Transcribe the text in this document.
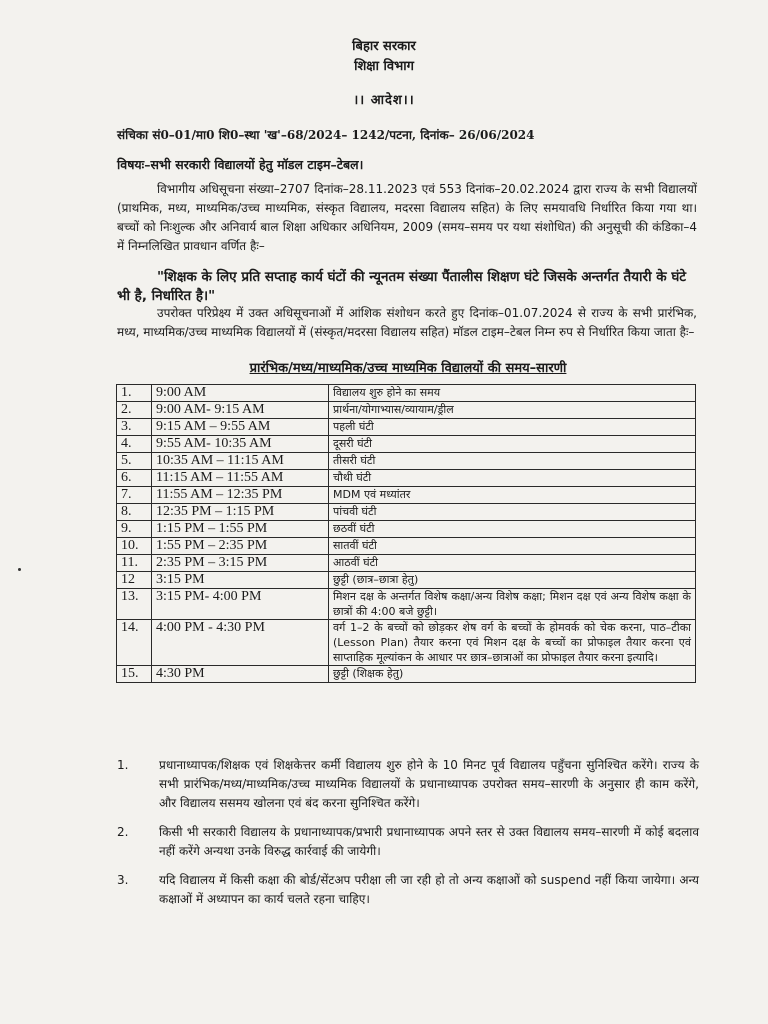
बिहार सरकार
शिक्षा विभाग
।। आदेश।।
संचिका सं0–01/मा0 शि0–स्था 'ख'–68/2024– 1242/पटना, दिनांक– 26/06/2024
विषयः–सभी सरकारी विद्यालयों हेतु मॉडल टाइम–टेबल।
विभागीय अधिसूचना संख्या–2707 दिनांक–28.11.2023 एवं 553 दिनांक–20.02.2024 द्वारा राज्य के सभी विद्यालयों (प्राथमिक, मध्य, माध्यमिक/उच्च माध्यमिक, संस्कृत विद्यालय, मदरसा विद्यालय सहित) के लिए समयावधि निर्धारित किया गया था। बच्चों को निःशुल्क और अनिवार्य बाल शिक्षा अधिकार अधिनियम, 2009 (समय–समय पर यथा संशोधित) की अनुसूची की कंडिका–4 में निम्नलिखित प्रावधान वर्णित हैः–
"शिक्षक के लिए प्रति सप्ताह कार्य घंटों की न्यूनतम संख्या पैंतालीस शिक्षण घंटे जिसके अन्तर्गत तैयारी के घंटे भी है, निर्धारित है।"
उपरोक्त परिप्रेक्ष्य में उक्त अधिसूचनाओं में आंशिक संशोधन करते हुए दिनांक–01.07.2024 से राज्य के सभी प्रारंभिक, मध्य, माध्यमिक/उच्च माध्यमिक विद्यालयों में (संस्कृत/मदरसा विद्यालय सहित) मॉडल टाइम–टेबल निम्न रुप से निर्धारित किया जाता हैः–
प्रारंभिक/मध्य/माध्यमिक/उच्च माध्यमिक विद्यालयों की समय–सारणी
1.	9:00 AM	विद्यालय शुरु होने का समय
2.	9:00 AM- 9:15 AM	प्रार्थना/योगाभ्यास/व्यायाम/ड्रील
3.	9:15 AM – 9:55 AM	पहली घंटी
4.	9:55 AM- 10:35 AM	दूसरी घंटी
5.	10:35 AM – 11:15 AM	तीसरी घंटी
6.	11:15 AM – 11:55 AM	चौथी घंटी
7.	11:55 AM – 12:35 PM	MDM एवं मध्यांतर
8.	12:35 PM – 1:15 PM	पांचवी घंटी
9.	1:15 PM – 1:55 PM	छठवीं घंटी
10.	1:55 PM – 2:35 PM	सातवीं घंटी
11.	2:35 PM – 3:15 PM	आठवीं घंटी
12	3:15 PM	छुट्टी (छात्र–छात्रा हेतु)
13.	3:15 PM- 4:00 PM	मिशन दक्ष के अन्तर्गत विशेष कक्षा/अन्य विशेष कक्षा; मिशन दक्ष एवं अन्य विशेष कक्षा के छात्रों की 4:00 बजे छुट्टी।
14.	4:00 PM - 4:30 PM	वर्ग 1–2 के बच्चों को छोड़कर शेष वर्ग के बच्चों के होमवर्क को चेक करना, पाठ–टीका (Lesson Plan) तैयार करना एवं मिशन दक्ष के बच्चों का प्रोफाइल तैयार करना एवं साप्ताहिक मूल्यांकन के आधार पर छात्र–छात्राओं का प्रोफाइल तैयार करना इत्यादि।
15.	4:30 PM	छुट्टी (शिक्षक हेतु)
1.	प्रधानाध्यापक/शिक्षक एवं शिक्षकेत्तर कर्मी विद्यालय शुरु होने के 10 मिनट पूर्व विद्यालय पहुँचना सुनिश्चित करेंगे। राज्य के सभी प्रारंभिक/मध्य/माध्यमिक/उच्च माध्यमिक विद्यालयों के प्रधानाध्यापक उपरोक्त समय–सारणी के अनुसार ही काम करेंगे, और विद्यालय ससमय खोलना एवं बंद करना सुनिश्चित करेंगे।
2.	किसी भी सरकारी विद्यालय के प्रधानाध्यापक/प्रभारी प्रधानाध्यापक अपने स्तर से उक्त विद्यालय समय–सारणी में कोई बदलाव नहीं करेंगे अन्यथा उनके विरुद्ध कार्रवाई की जायेगी।
3.	यदि विद्यालय में किसी कक्षा की बोर्ड/सेंटअप परीक्षा ली जा रही हो तो अन्य कक्षाओं को suspend नहीं किया जायेगा। अन्य कक्षाओं में अध्यापन का कार्य चलते रहना चाहिए।
